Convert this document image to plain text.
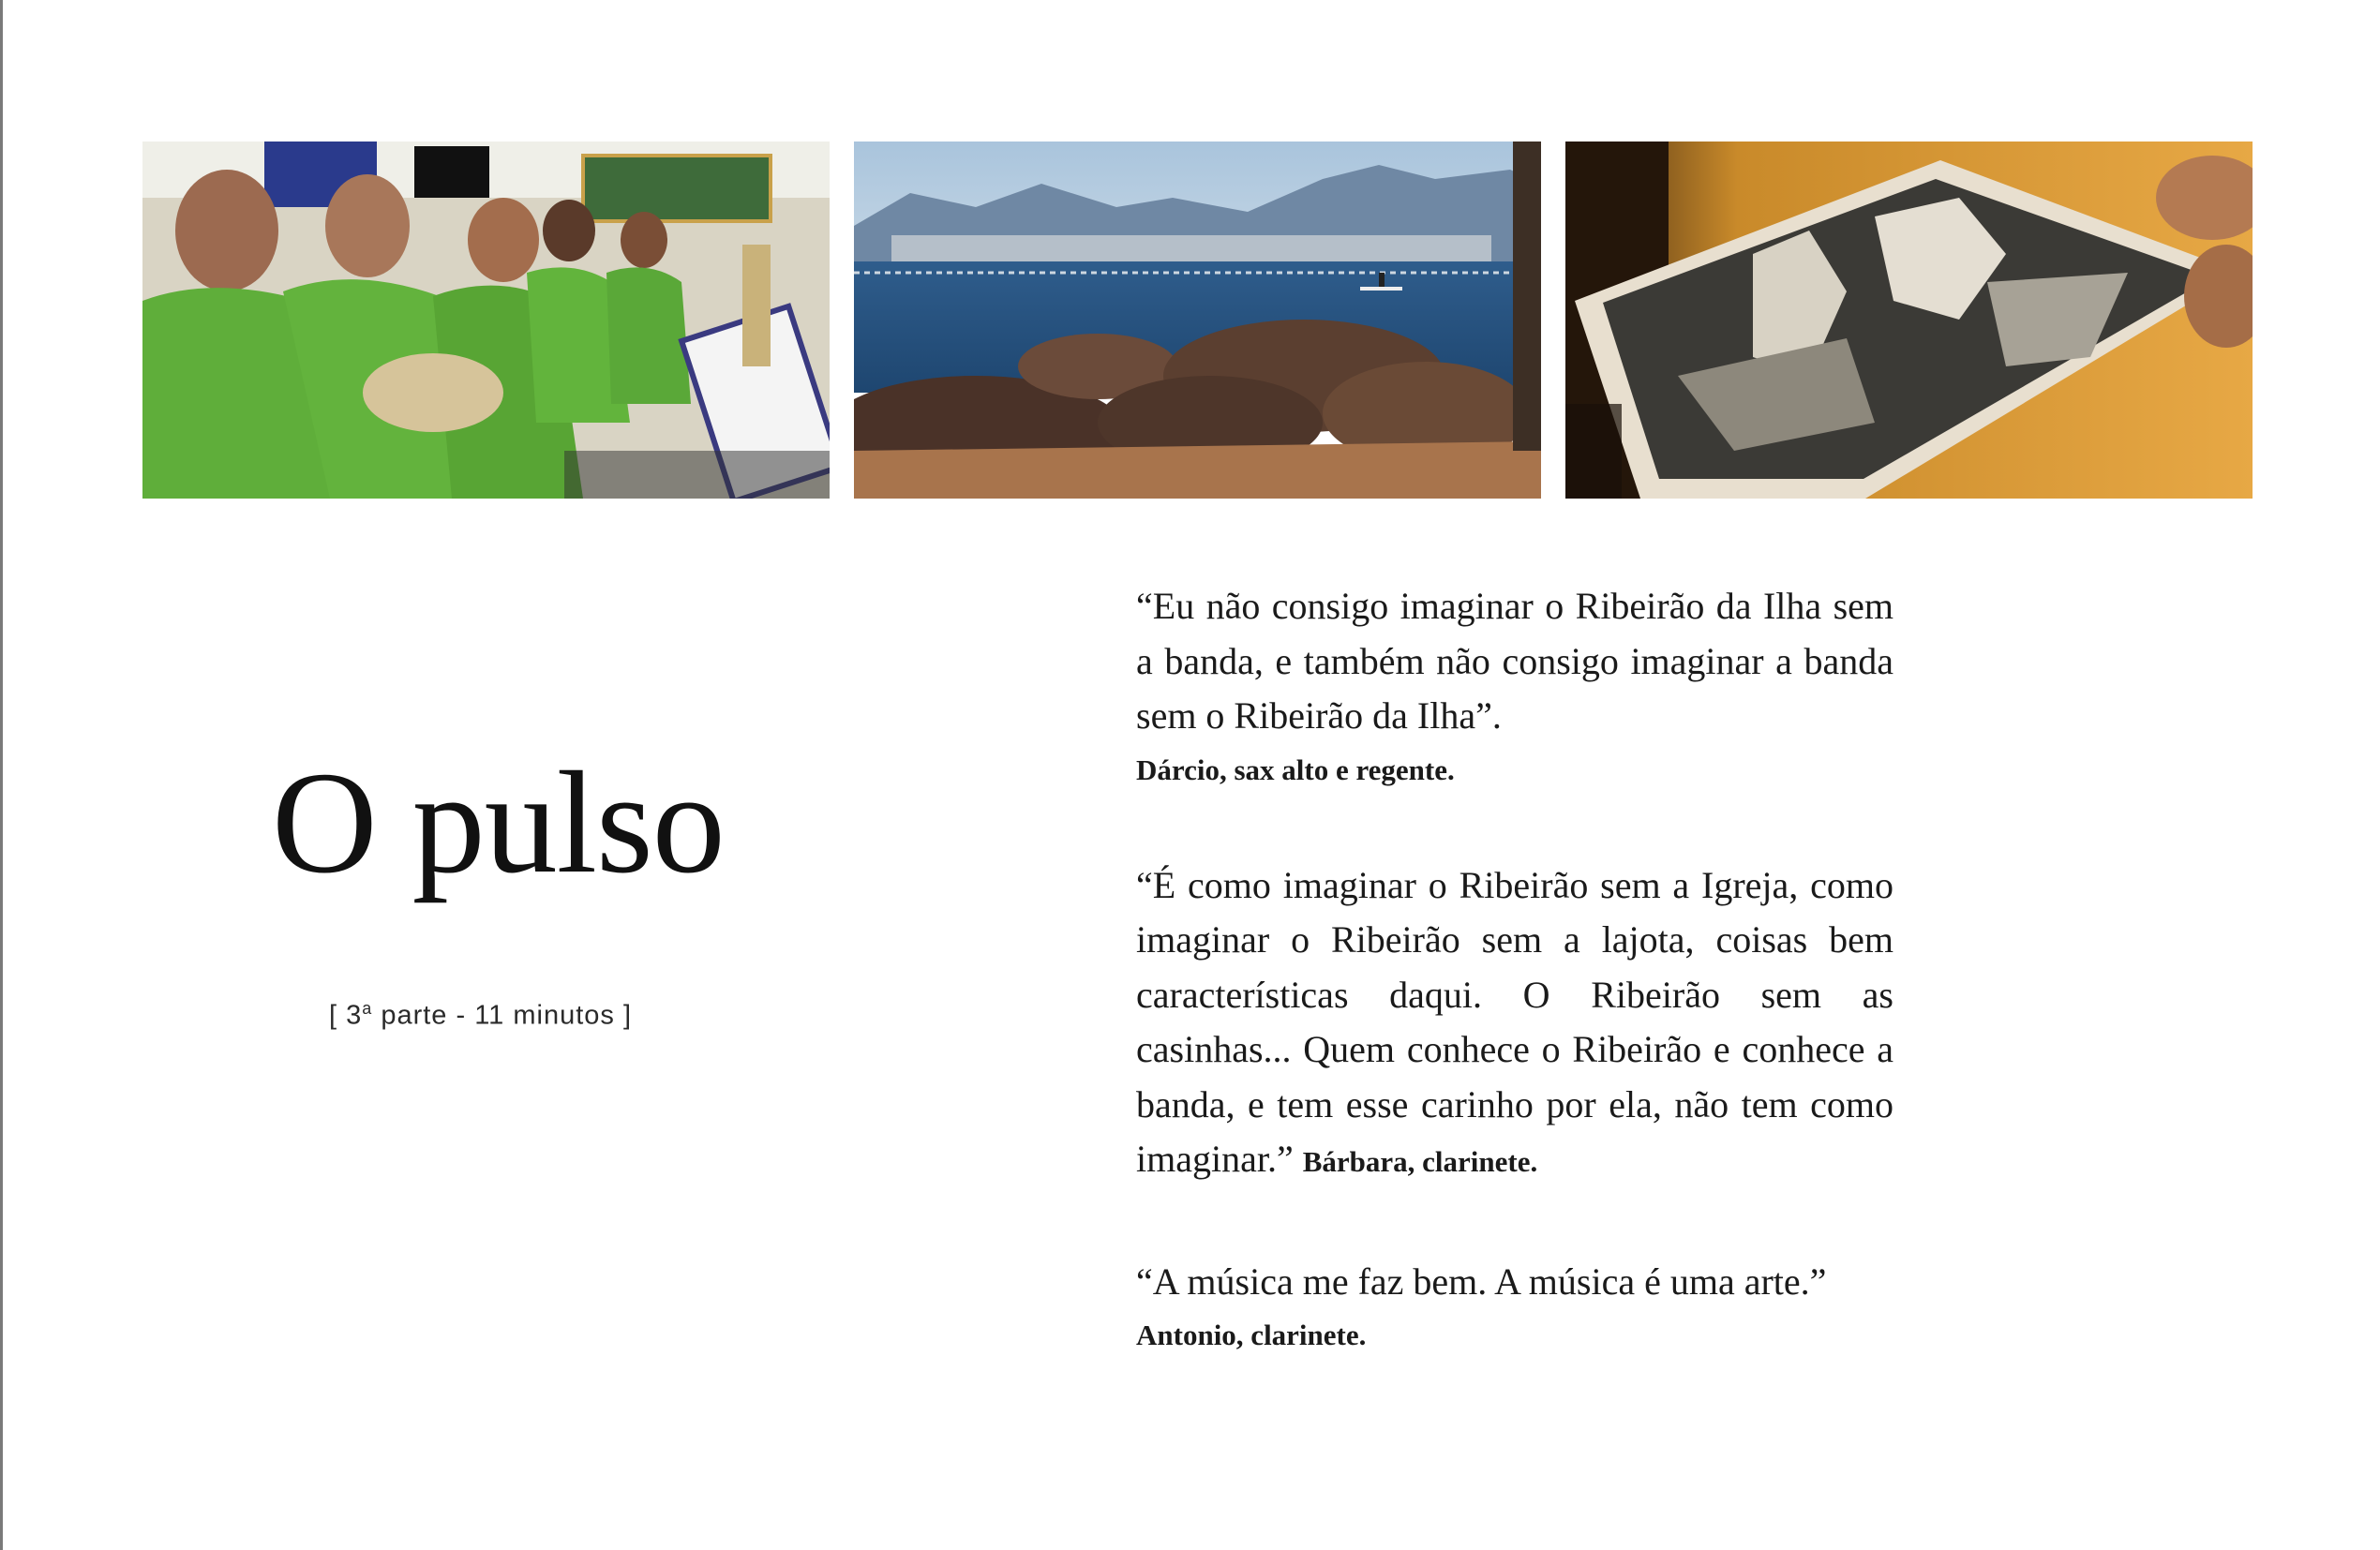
O pulso
[ 3$^a$ parte - 11 minutos ]

“Eu não consigo imaginar o Ribeirão da Ilha sem a banda, e também não consigo imaginar a banda sem o Ribeirão da Ilha”.

Dárcio, sax alto e regente.

“É como imaginar o Ribeirão sem a Igreja, como imaginar o Ribeirão sem a lajota, coisas bem características daqui. O Ribeirão sem as casinhas... Quem conhece o Ribeirão e conhece a banda, e tem esse carinho por ela, não tem como imaginar.” Bárbara, clarinete.

“A música me faz bem. A música é uma arte.”

Antonio, clarinete.
